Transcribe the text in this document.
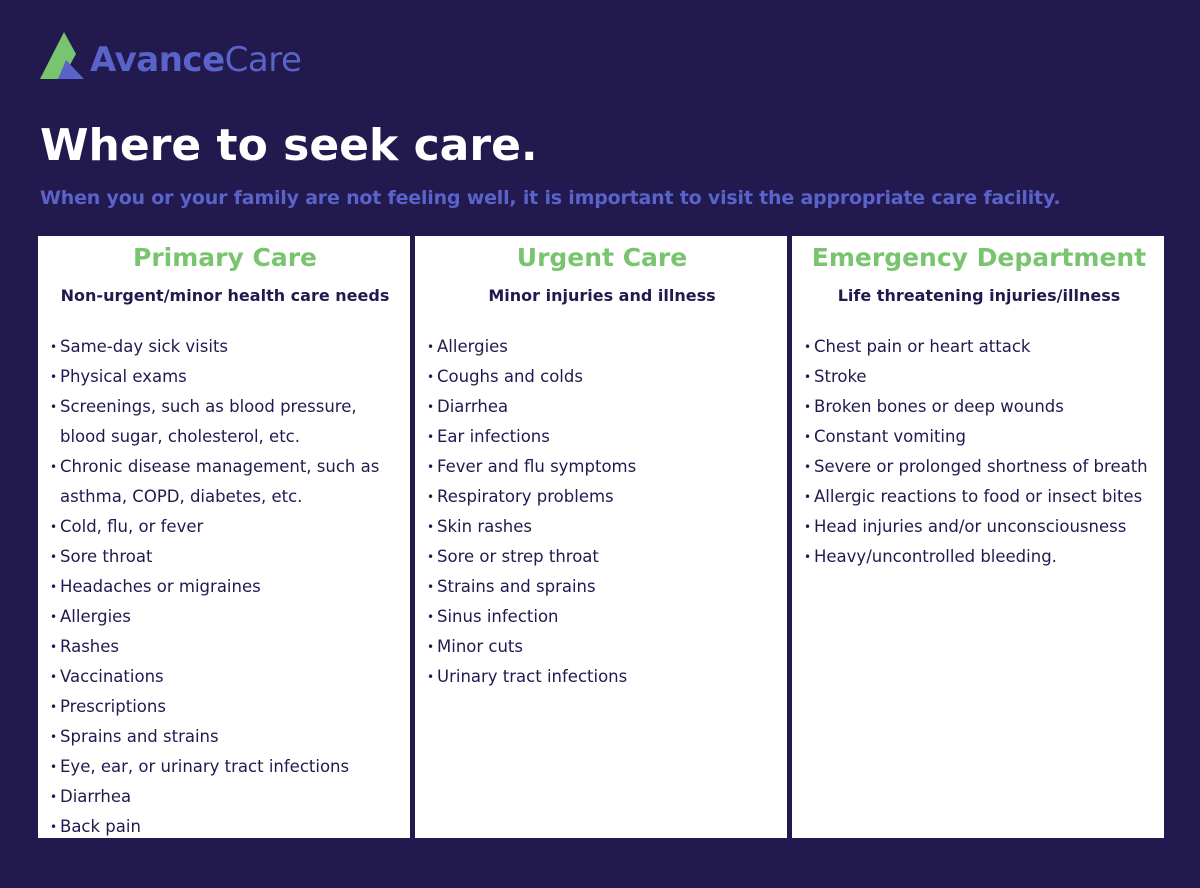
AvanceCare
Where to seek care.

When you or your family are not feeling well, it is important to visit the appropriate care facility.

Primary Care

Non-urgent/minor health care needs

• Same-day sick visits
• Physical exams
• Screenings, such as blood pressure, blood sugar, cholesterol, etc.
• Chronic disease management, such as asthma, COPD, diabetes, etc.
• Cold, flu, or fever
• Sore throat
• Headaches or migraines
• Allergies
• Rashes
• Vaccinations
• Prescriptions
• Sprains and strains
• Eye, ear, or urinary tract infections
• Diarrhea
• Back pain
Urgent Care

Minor injuries and illness

• Allergies
• Coughs and colds
• Diarrhea
• Ear infections
• Fever and flu symptoms
• Respiratory problems
• Skin rashes
• Sore or strep throat
• Strains and sprains
• Sinus infection
• Minor cuts
• Urinary tract infections
Emergency Department

Life threatening injuries/illness

• Chest pain or heart attack
• Stroke
• Broken bones or deep wounds
• Constant vomiting
• Severe or prolonged shortness of breath
• Allergic reactions to food or insect bites
• Head injuries and/or unconsciousness
• Heavy/uncontrolled bleeding.
